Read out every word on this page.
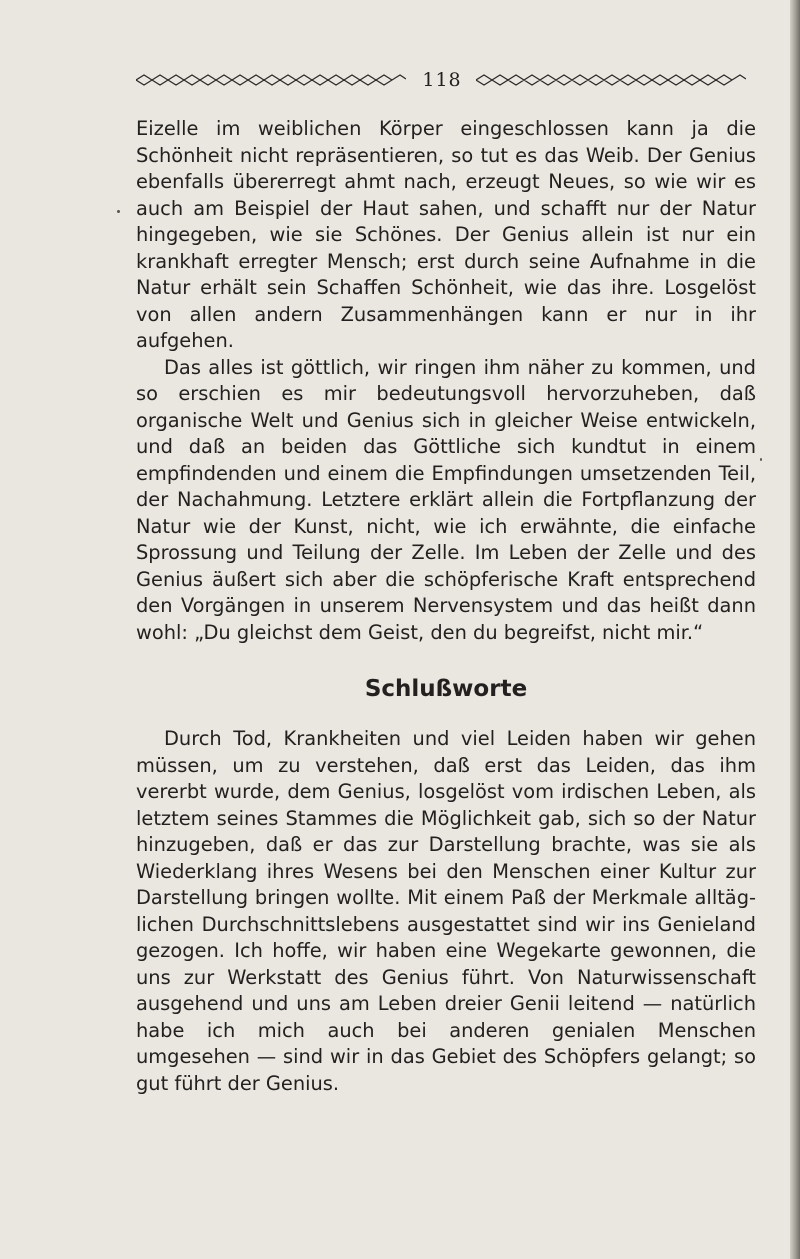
118

Eizelle im weiblichen Körper eingeschlossen kann ja die Schönheit nicht repräsentieren, so tut es das Weib. Der Genius ebenfalls übererregt ahmt nach, erzeugt Neues, so wie wir es auch am Beispiel der Haut sahen, und schafft nur der Natur hingegeben, wie sie Schönes. Der Genius allein ist nur ein krankhaft erregter Mensch; erst durch seine Aufnahme in die Natur erhält sein Schaffen Schönheit, wie das ihre. Losgelöst von allen andern Zusammenhängen kann er nur in ihr aufgehen.

Das alles ist göttlich, wir ringen ihm näher zu kommen, und so erschien es mir bedeutungsvoll hervorzuheben, daß organische Welt und Genius sich in gleicher Weise entwickeln, und daß an beiden das Göttliche sich kundtut in einem empfindenden und einem die Empfindungen umsetzenden Teil, der Nachahmung. Letztere erklärt allein die Fortpflanzung der Natur wie der Kunst, nicht, wie ich erwähnte, die einfache Sprossung und Teilung der Zelle. Im Leben der Zelle und des Genius äußert sich aber die schöpferische Kraft entsprechend den Vorgängen in unserem Nervensystem und das heißt dann wohl: „Du gleichst dem Geist, den du begreifst, nicht mir.“

Schlußworte

Durch Tod, Krankheiten und viel Leiden haben wir gehen müssen, um zu verstehen, daß erst das Leiden, das ihm vererbt wurde, dem Genius, losgelöst vom irdischen Leben, als letztem seines Stammes die Möglichkeit gab, sich so der Natur hinzugeben, daß er das zur Darstellung brachte, was sie als Wiederklang ihres Wesens bei den Menschen einer Kultur zur Darstellung bringen wollte. Mit einem Paß der Merkmale alltäglichen Durchschnittslebens ausgestattet sind wir ins Genieland gezogen. Ich hoffe, wir haben eine Wegekarte gewonnen, die uns zur Werkstatt des Genius führt. Von Naturwissenschaft ausgehend und uns am Leben dreier Genii leitend — natürlich habe ich mich auch bei anderen genialen Menschen umgesehen — sind wir in das Gebiet des Schöpfers gelangt; so gut führt der Genius.
